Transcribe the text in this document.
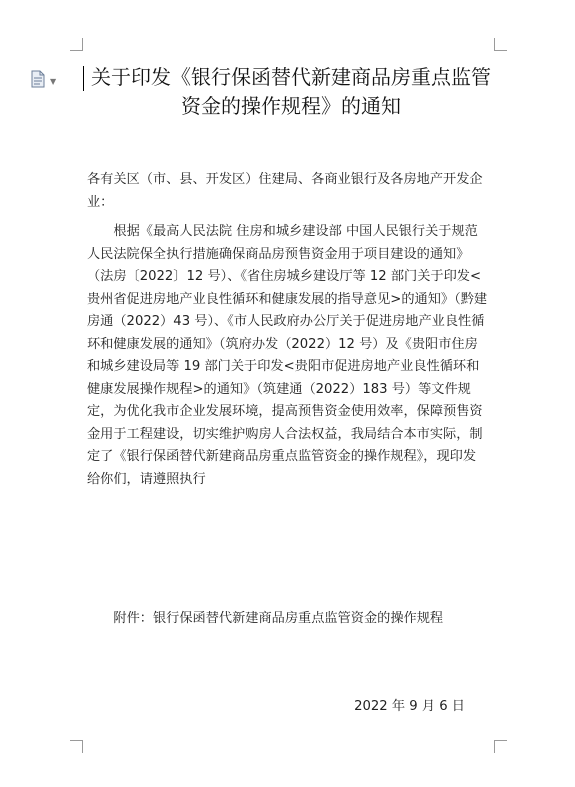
▼ 关于印发《银行保函替代新建商品房重点监管资金的操作规程》的通知

各有关区（市、县、开发区）住建局、各商业银行及各房地产开发企业：

根据《最高人民法院 住房和城乡建设部 中国人民银行关于规范人民法院保全执行措施确保商品房预售资金用于项目建设的通知》（法房〔2022〕12 号）、《省住房城乡建设厅等 12 部门关于印发<贵州省促进房地产业良性循环和健康发展的指导意见>的通知》（黔建房通（2022）43 号）、《市人民政府办公厅关于促进房地产业良性循环和健康发展的通知》（筑府办发（2022）12 号）及《贵阳市住房和城乡建设局等 19 部门关于印发<贵阳市促进房地产业良性循环和健康发展操作规程>的通知》（筑建通（2022）183 号）等文件规定，为优化我市企业发展环境，提高预售资金使用效率，保障预售资金用于工程建设，切实维护购房人合法权益，我局结合本市实际，制定了《银行保函替代新建商品房重点监管资金的操作规程》，现印发给你们，请遵照执行

附件：银行保函替代新建商品房重点监管资金的操作规程

2022 年 9 月 6 日
